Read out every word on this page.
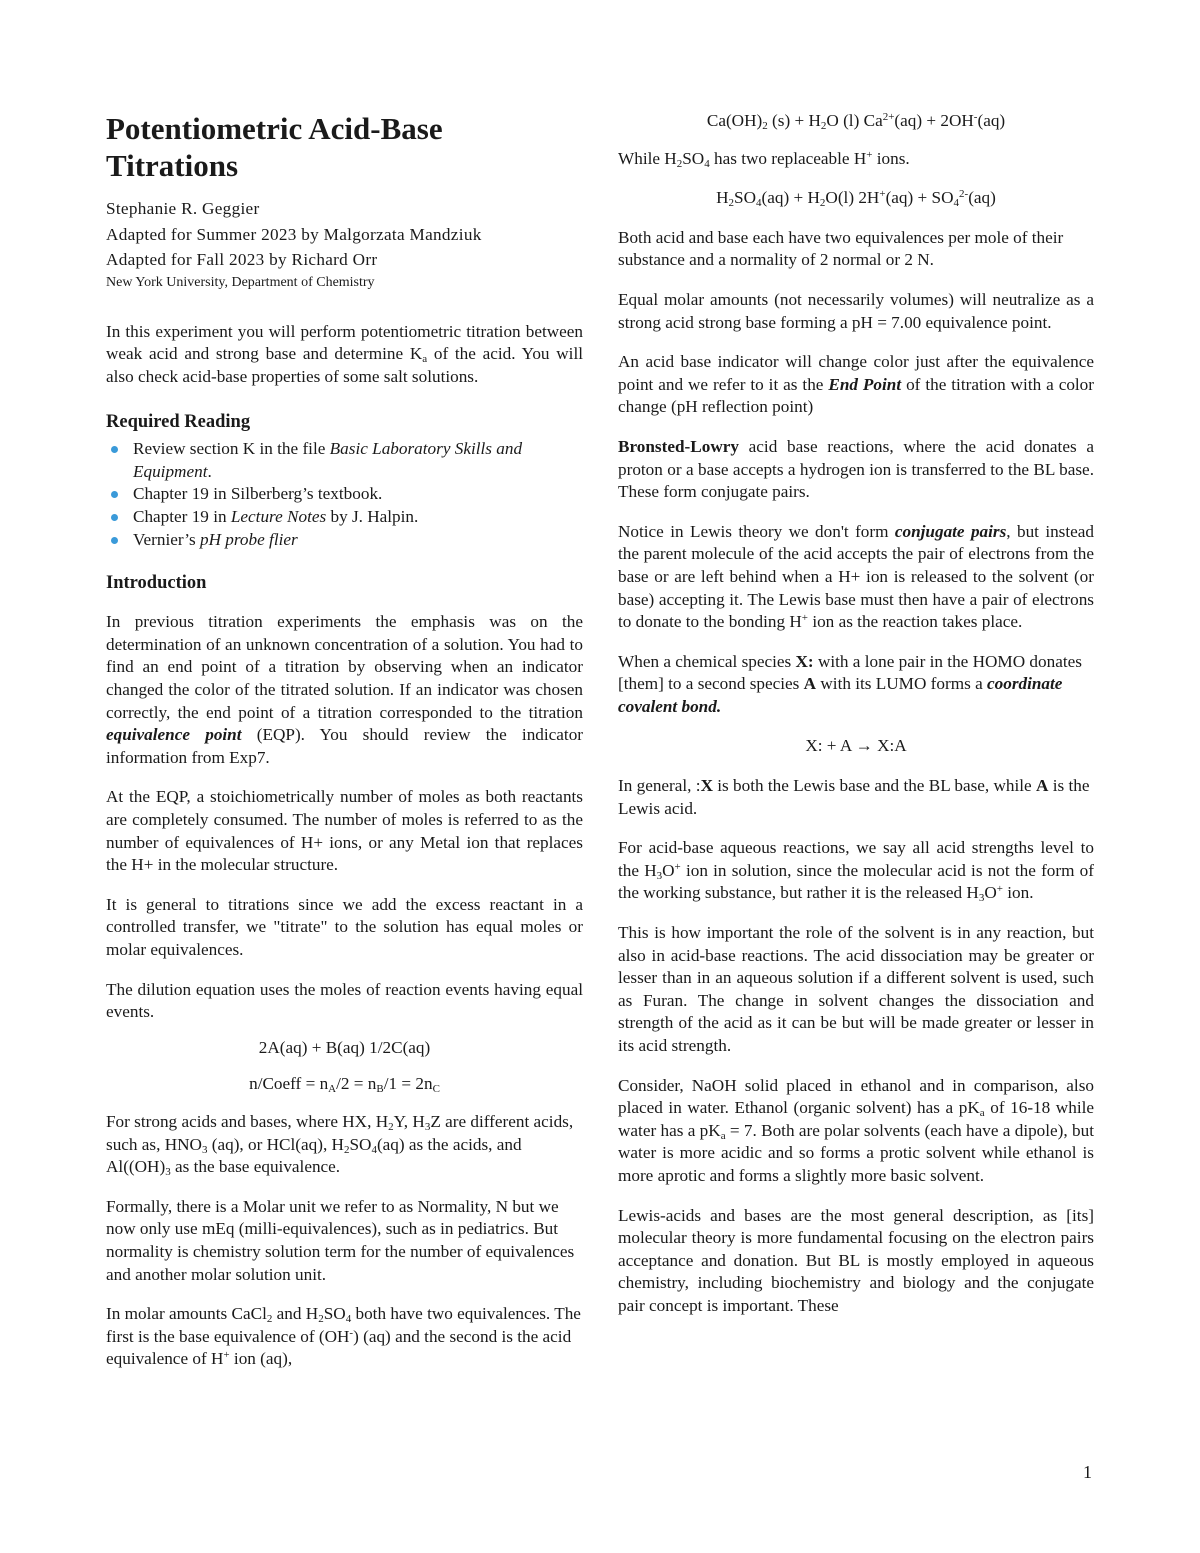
Potentiometric Acid-Base
Titrations
Stephanie R. Geggier
Adapted for Summer 2023 by Malgorzata Mandziuk
Adapted for Fall 2023 by Richard Orr
New York University, Department of Chemistry

In this experiment you will perform potentiometric titration between weak acid and strong base and determine $K_a$ of the acid. You will also check acid-base properties of some salt solutions.

Required Reading
Review section K in the file Basic Laboratory Skills and Equipment.
Chapter 19 in Silberberg’s textbook.
Chapter 19 in Lecture Notes by J. Halpin.
Vernier’s pH probe flier
Introduction

In previous titration experiments the emphasis was on the determination of an unknown concentration of a solution. You had to find an end point of a titration by observing when an indicator changed the color of the titrated solution. If an indicator was chosen correctly, the end point of a titration corresponded to the titration equivalence point (EQP). You should review the indicator information from Exp7.

At the EQP, a stoichiometrically number of moles as both reactants are completely consumed. The number of moles is referred to as the number of equivalences of H+ ions, or any Metal ion that replaces the H+ in the molecular structure.

It is general to titrations since we add the excess reactant in a controlled transfer, we "titrate" to the solution has equal moles or molar equivalences.

The dilution equation uses the moles of reaction events having equal events.

2A(aq) + B(aq) 1/2C(aq)

n/Coeff = $n_A/2 = n_B/1 = 2n_C$

For strong acids and bases, where HX, $H_2Y$, $H_3Z$ are different acids, such as, $HNO_3$ (aq), or HCl(aq), $H_2SO_4(aq)$ as the acids, and $Al((OH)_3$ as the base equivalence.

Formally, there is a Molar unit we refer to as Normality, N but we now only use mEq (milli-equivalences), such as in pediatrics. But normality is chemistry solution term for the number of equivalences and another molar solution unit.

In molar amounts CaCl$_2$ and $H_2SO_4$ both have two equivalences. The first is the base equivalence of (OH-) (aq) and the second is the acid equivalence of H+ ion (aq),

$Ca(OH)_2$ $(s) + H_2O$ (l) $Ca^{2+}(aq) + 2OH^-(aq)$

While $H_2SO_4$ has two replaceable H+ ions.

$H_2SO_4(aq) + H_2O(l) 2H^+(aq) + SO_4^{2-}(aq)$

Both acid and base each have two equivalences per mole of their substance and a normality of 2 normal or 2 N.

Equal molar amounts (not necessarily volumes) will neutralize as a strong acid strong base forming a pH = 7.00 equivalence point.

An acid base indicator will change color just after the equivalence point and we refer to it as the End Point of the titration with a color change (pH reflection point)

Bronsted-Lowry acid base reactions, where the acid donates a proton or a base accepts a hydrogen ion is transferred to the BL base. These form conjugate pairs.

Notice in Lewis theory we don't form conjugate pairs, but instead the parent molecule of the acid accepts the pair of electrons from the base or are left behind when a H+ ion is released to the solvent (or base) accepting it. The Lewis base must then have a pair of electrons to donate to the bonding H+ ion as the reaction takes place.

When a chemical species X: with a lone pair in the HOMO donates [them] to a second species A with its LUMO forms a coordinate covalent bond.

X: + A → X:A

In general, :X is both the Lewis base and the BL base, while A is the Lewis acid.

For acid-base aqueous reactions, we say all acid strengths level to the $H_3O^+$ ion in solution, since the molecular acid is not the form of the working substance, but rather it is the released $H_3O^+$ ion.

This is how important the role of the solvent is in any reaction, but also in acid-base reactions. The acid dissociation may be greater or lesser than in an aqueous solution if a different solvent is used, such as Furan. The change in solvent changes the dissociation and strength of the acid as it can be but will be made greater or lesser in its acid strength.

Consider, NaOH solid placed in ethanol and in comparison, also placed in water. Ethanol (organic solvent) has a $pK_a$ of 16-18 while water has a $pK_a = 7$. Both are polar solvents (each have a dipole), but water is more acidic and so forms a protic solvent while ethanol is more aprotic and forms a slightly more basic solvent.

Lewis-acids and bases are the most general description, as [its] molecular theory is more fundamental focusing on the electron pairs acceptance and donation. But BL is mostly employed in aqueous chemistry, including biochemistry and biology and the conjugate pair concept is important. These

1
